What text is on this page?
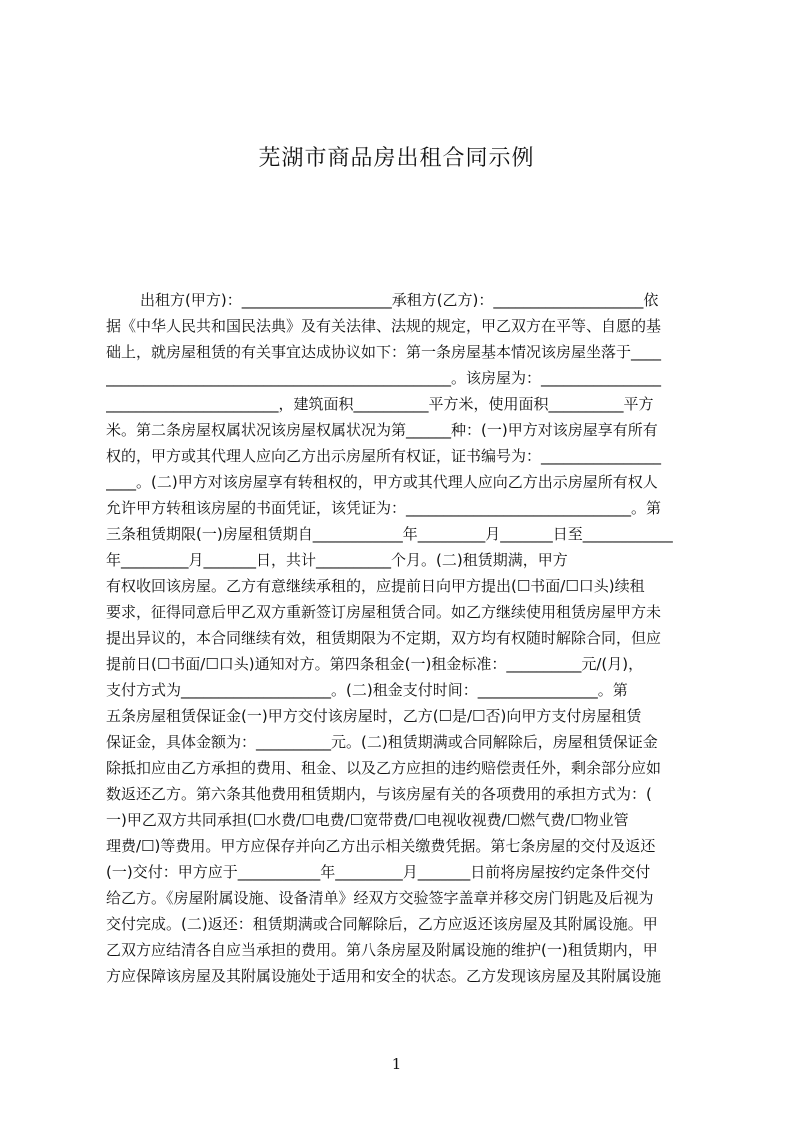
芜湖市商品房出租合同示例
出租方(甲方)：____________________承租方(乙方)：____________________依
据《中华人民共和国民法典》及有关法律、法规的规定，甲乙双方在平等、自愿的基
础上，就房屋租赁的有关事宜达成协议如下：第一条房屋基本情况该房屋坐落于____
______________________________________________。该房屋为：________________
_______________________，建筑面积__________平方米，使用面积__________平方
米。第二条房屋权属状况该房屋权属状况为第______种：(一)甲方对该房屋享有所有
权的，甲方或其代理人应向乙方出示房屋所有权证，证书编号为：________________
____。(二)甲方对该房屋享有转租权的，甲方或其代理人应向乙方出示房屋所有权人
允许甲方转租该房屋的书面凭证，该凭证为：______________________________。第
三条租赁期限(一)房屋租赁期自____________年_________月_______日至____________
年_________月_______日，共计__________个月。(二)租赁期满，甲方
有权收回该房屋。乙方有意继续承租的，应提前日向甲方提出(☐书面/☐口头)续租
要求，征得同意后甲乙双方重新签订房屋租赁合同。如乙方继续使用租赁房屋甲方未
提出异议的，本合同继续有效，租赁期限为不定期，双方均有权随时解除合同，但应
提前日(☐书面/☐口头)通知对方。第四条租金(一)租金标准：__________元/(月)，
支付方式为____________________。(二)租金支付时间：________________。第
五条房屋租赁保证金(一)甲方交付该房屋时，乙方(☐是/☐否)向甲方支付房屋租赁
保证金，具体金额为：__________元。(二)租赁期满或合同解除后，房屋租赁保证金
除抵扣应由乙方承担的费用、租金、以及乙方应担的违约赔偿责任外，剩余部分应如
数返还乙方。第六条其他费用租赁期内，与该房屋有关的各项费用的承担方式为：(
一)甲乙双方共同承担(☐水费/☐电费/☐宽带费/☐电视收视费/☐燃气费/☐物业管
理费/☐)等费用。甲方应保存并向乙方出示相关缴费凭据。第七条房屋的交付及返还
(一)交付：甲方应于___________年_________月_______日前将房屋按约定条件交付
给乙方。《房屋附属设施、设备清单》经双方交验签字盖章并移交房门钥匙及后视为
交付完成。(二)返还：租赁期满或合同解除后，乙方应返还该房屋及其附属设施。甲
乙双方应结清各自应当承担的费用。第八条房屋及附属设施的维护(一)租赁期内，甲
方应保障该房屋及其附属设施处于适用和安全的状态。乙方发现该房屋及其附属设施
1
